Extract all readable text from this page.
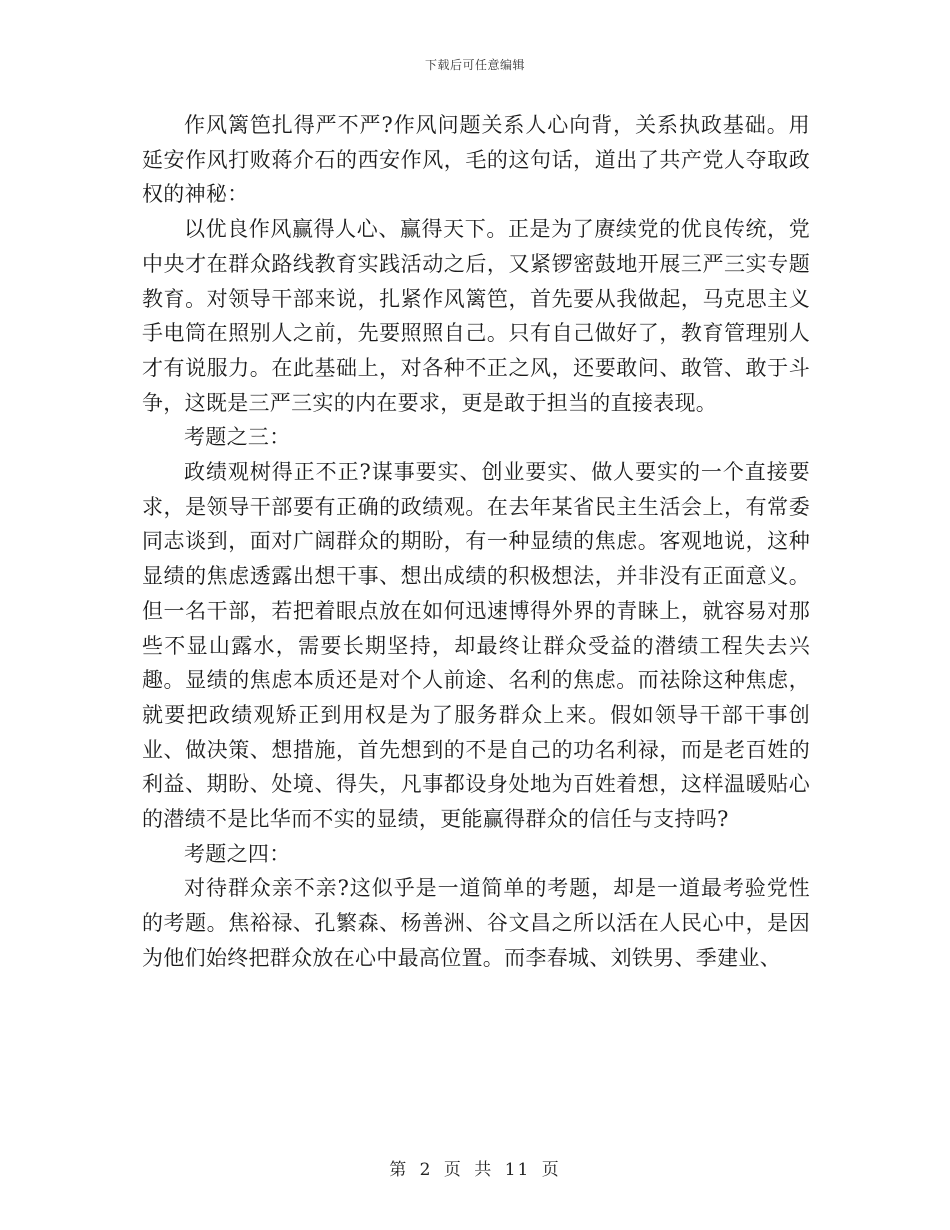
下载后可任意编辑

作风篱笆扎得严不严?作风问题关系人心向背，关系执政基础。用延安作风打败蒋介石的西安作风，毛的这句话，道出了共产党人夺取政权的神秘：

以优良作风赢得人心、赢得天下。正是为了赓续党的优良传统，党中央才在群众路线教育实践活动之后，又紧锣密鼓地开展三严三实专题教育。对领导干部来说，扎紧作风篱笆，首先要从我做起，马克思主义手电筒在照别人之前，先要照照自己。只有自己做好了，教育管理别人才有说服力。在此基础上，对各种不正之风，还要敢问、敢管、敢于斗争，这既是三严三实的内在要求，更是敢于担当的直接表现。

考题之三：

政绩观树得正不正?谋事要实、创业要实、做人要实的一个直接要求，是领导干部要有正确的政绩观。在去年某省民主生活会上，有常委同志谈到，面对广阔群众的期盼，有一种显绩的焦虑。客观地说，这种显绩的焦虑透露出想干事、想出成绩的积极想法，并非没有正面意义。但一名干部，若把着眼点放在如何迅速博得外界的青睐上，就容易对那些不显山露水，需要长期坚持，却最终让群众受益的潜绩工程失去兴趣。显绩的焦虑本质还是对个人前途、名利的焦虑。而祛除这种焦虑，就要把政绩观矫正到用权是为了服务群众上来。假如领导干部干事创业、做决策、想措施，首先想到的不是自己的功名利禄，而是老百姓的利益、期盼、处境、得失，凡事都设身处地为百姓着想，这样温暖贴心的潜绩不是比华而不实的显绩，更能赢得群众的信任与支持吗?

考题之四：

对待群众亲不亲?这似乎是一道简单的考题，却是一道最考验党性的考题。焦裕禄、孔繁森、杨善洲、谷文昌之所以活在人民心中，是因为他们始终把群众放在心中最高位置。而李春城、刘铁男、季建业、

第 2 页 共 11 页
